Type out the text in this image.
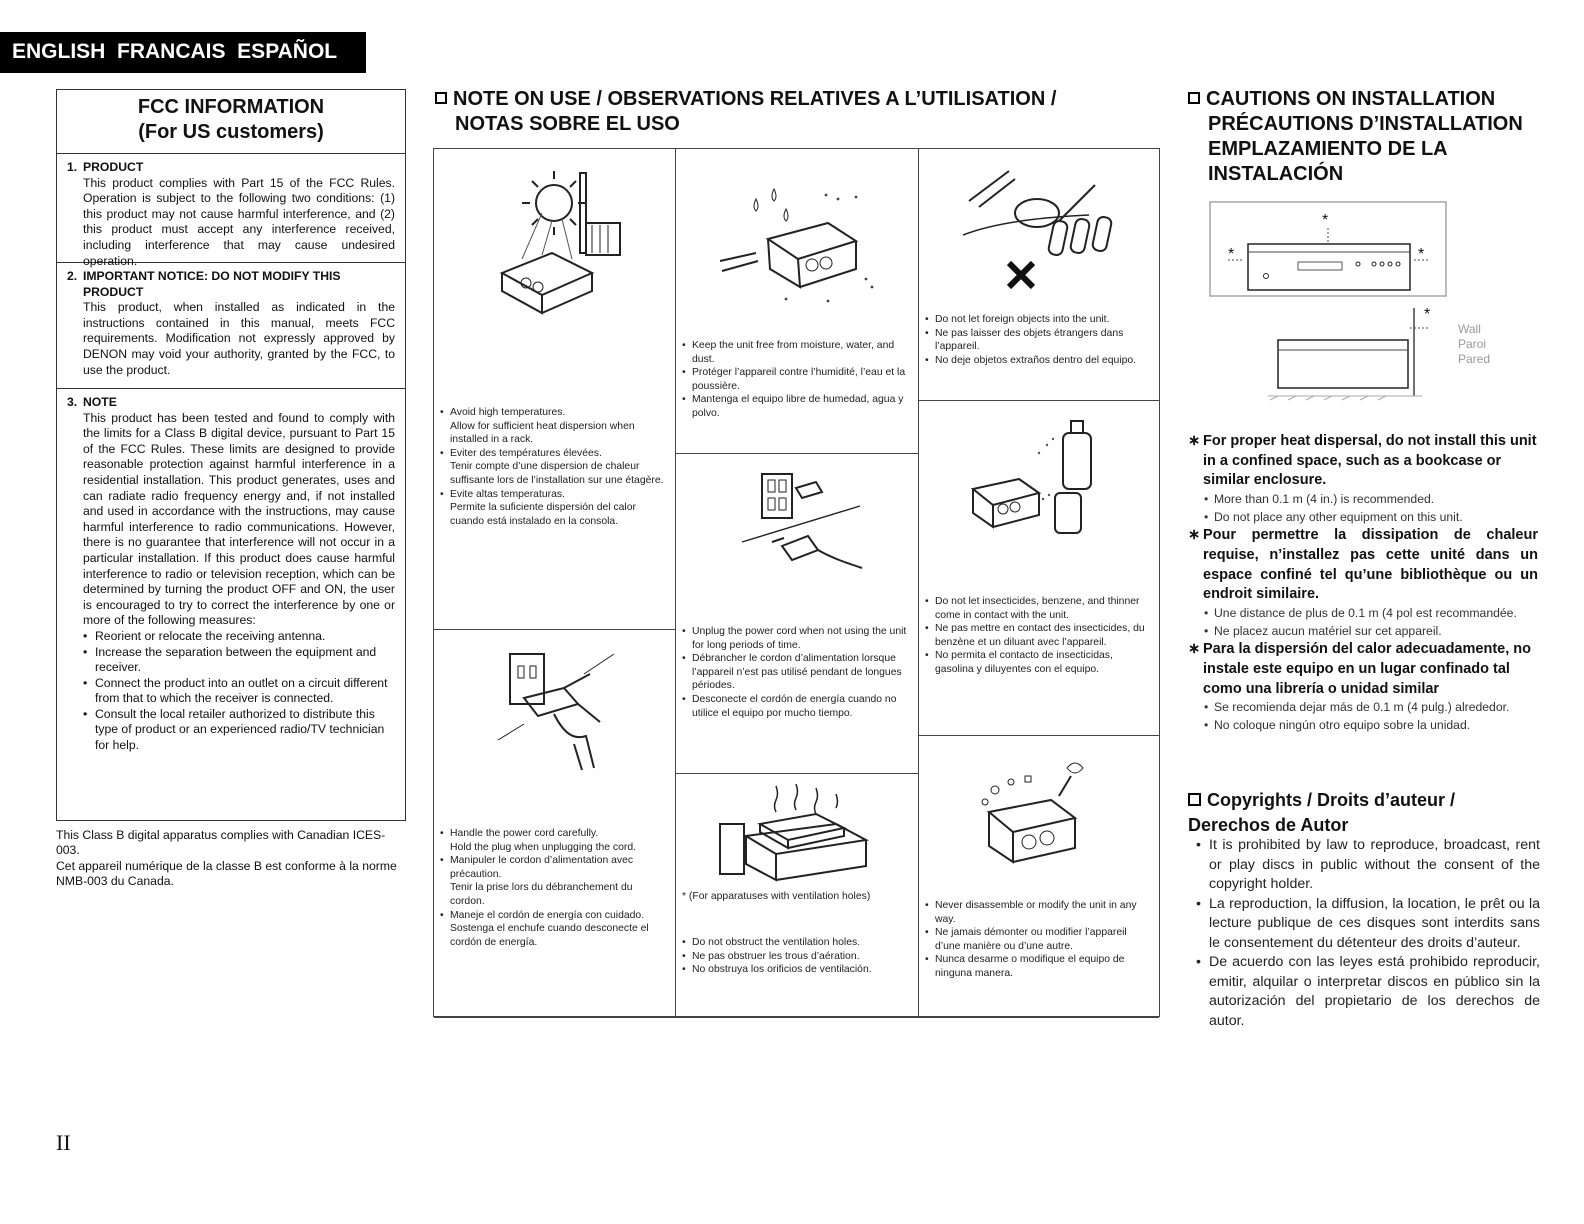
ENGLISH  FRANCAIS  ESPAÑOL
FCC INFORMATION
(For US customers)
1. PRODUCT
This product complies with Part 15 of the FCC Rules. Operation is subject to the following two conditions: (1) this product may not cause harmful interference, and (2) this product must accept any interference received, including interference that may cause undesired operation.
2. IMPORTANT NOTICE: DO NOT MODIFY THIS PRODUCT
This product, when installed as indicated in the instructions contained in this manual, meets FCC requirements. Modification not expressly approved by DENON may void your authority, granted by the FCC, to use the product.
3. NOTE
This product has been tested and found to comply with the limits for a Class B digital device, pursuant to Part 15 of the FCC Rules. These limits are designed to provide reasonable protection against harmful interference in a residential installation. This product generates, uses and can radiate radio frequency energy and, if not installed and used in accordance with the instructions, may cause harmful interference to radio communications. However, there is no guarantee that interference will not occur in a particular installation. If this product does cause harmful interference to radio or television reception, which can be determined by turning the product OFF and ON, the user is encouraged to try to correct the interference by one or more of the following measures:
• Reorient or relocate the receiving antenna.
• Increase the separation between the equipment and receiver.
• Connect the product into an outlet on a circuit different from that to which the receiver is connected.
• Consult the local retailer authorized to distribute this type of product or an experienced radio/TV technician for help.
This Class B digital apparatus complies with Canadian ICES-003.
Cet appareil numérique de la classe B est conforme à la norme NMB-003 du Canada.
NOTE ON USE / OBSERVATIONS RELATIVES A L’UTILISATION /
NOTAS SOBRE EL USO
• Avoid high temperatures.
Allow for sufficient heat dispersion when installed in a rack.
• Eviter des températures élevées.
Tenir compte d’une dispersion de chaleur suffisante lors de l’installation sur une étagère.
• Evite altas temperaturas.
Permite la suficiente dispersión del calor cuando está instalado en la consola.
• Handle the power cord carefully.
Hold the plug when unplugging the cord.
• Manipuler le cordon d’alimentation avec précaution.
Tenir la prise lors du débranchement du cordon.
• Maneje el cordón de energía con cuidado.
Sostenga el enchufe cuando desconecte el cordón de energía.
• Keep the unit free from moisture, water, and dust.
• Protéger l’appareil contre l’humidité, l’eau et la poussière.
• Mantenga el equipo libre de humedad, agua y polvo.
• Unplug the power cord when not using the unit for long periods of time.
• Débrancher le cordon d’alimentation lorsque l’appareil n’est pas utilisé pendant de longues périodes.
• Desconecte el cordón de energía cuando no utilice el equipo por mucho tiempo.
* (For apparatuses with ventilation holes)
• Do not obstruct the ventilation holes.
• Ne pas obstruer les trous d’aération.
• No obstruya los orificios de ventilación.
• Do not let foreign objects into the unit.
• Ne pas laisser des objets étrangers dans l’appareil.
• No deje objetos extraños dentro del equipo.
• Do not let insecticides, benzene, and thinner come in contact with the unit.
• Ne pas mettre en contact des insecticides, du benzène et un diluant avec l’appareil.
• No permita el contacto de insecticidas, gasolina y diluyentes con el equipo.
• Never disassemble or modify the unit in any way.
• Ne jamais démonter ou modifier l’appareil d’une manière ou d’une autre.
• Nunca desarme o modifique el equipo de ninguna manera.
CAUTIONS ON INSTALLATION
PRÉCAUTIONS D’INSTALLATION
EMPLAZAMIENTO DE LA
INSTALACIÓN
*
*	*
*
Wall
Paroi
Pared
∗ For proper heat dispersal, do not install this unit in a confined space, such as a bookcase or similar enclosure.
• More than 0.1 m (4 in.) is recommended.
• Do not place any other equipment on this unit.
∗ Pour permettre la dissipation de chaleur requise, n’installez pas cette unité dans un espace confiné tel qu’une bibliothèque ou un endroit similaire.
• Une distance de plus de 0.1 m (4 pol est recommandée.
• Ne placez aucun matériel sur cet appareil.
∗ Para la dispersión del calor adecuadamente, no instale este equipo en un lugar confinado tal como una librería o unidad similar
• Se recomienda dejar más de 0.1 m (4 pulg.) alrededor.
• No coloque ningún otro equipo sobre la unidad.
Copyrights / Droits d’auteur /
Derechos de Autor
• It is prohibited by law to reproduce, broadcast, rent or play discs in public without the consent of the copyright holder.
• La reproduction, la diffusion, la location, le prêt ou la lecture publique de ces disques sont interdits sans le consentement du détenteur des droits d’auteur.
• De acuerdo con las leyes está prohibido reproducir, emitir, alquilar o interpretar discos en público sin la autorización del propietario de los derechos de autor.
II
